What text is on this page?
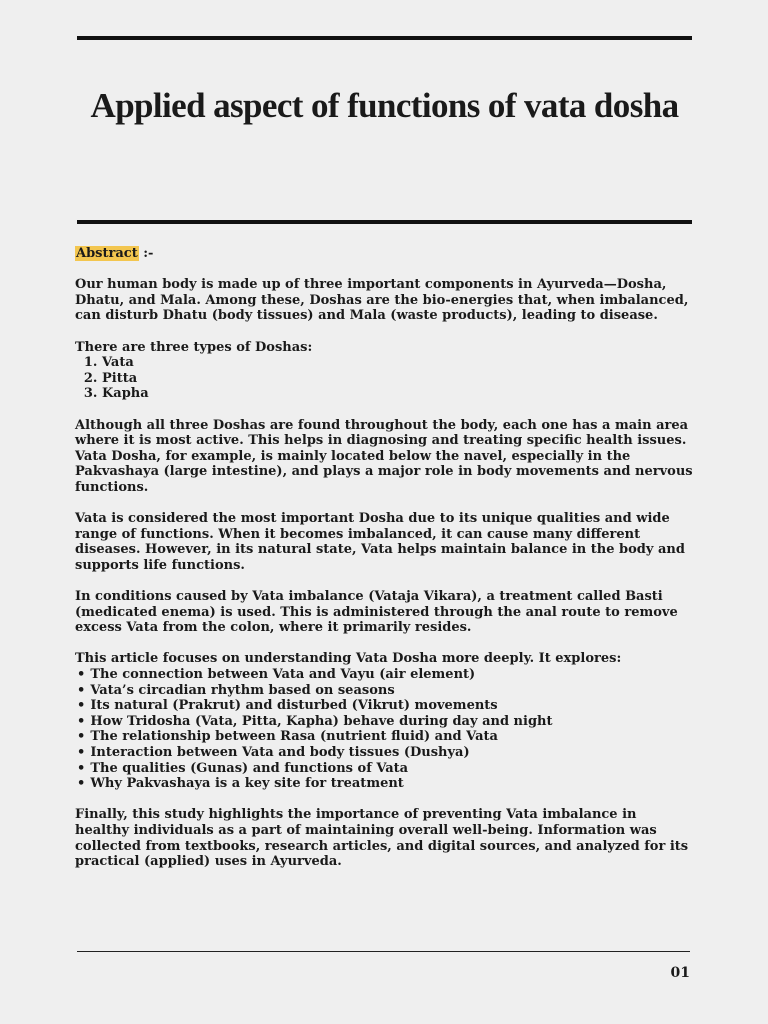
Applied aspect of functions of vata dosha

Abstract :-

Our human body is made up of three important components in Ayurveda—Dosha, Dhatu, and Mala. Among these, Doshas are the bio-energies that, when imbalanced, can disturb Dhatu (body tissues) and Mala (waste products), leading to disease.

There are three types of Doshas:
1. Vata
2. Pitta
3. Kapha

Although all three Doshas are found throughout the body, each one has a main area where it is most active. This helps in diagnosing and treating specific health issues. Vata Dosha, for example, is mainly located below the navel, especially in the Pakvashaya (large intestine), and plays a major role in body movements and nervous functions.

Vata is considered the most important Dosha due to its unique qualities and wide range of functions. When it becomes imbalanced, it can cause many different diseases. However, in its natural state, Vata helps maintain balance in the body and supports life functions.

In conditions caused by Vata imbalance (Vataja Vikara), a treatment called Basti (medicated enema) is used. This is administered through the anal route to remove excess Vata from the colon, where it primarily resides.

This article focuses on understanding Vata Dosha more deeply. It explores:
• The connection between Vata and Vayu (air element)
• Vata’s circadian rhythm based on seasons
• Its natural (Prakrut) and disturbed (Vikrut) movements
• How Tridosha (Vata, Pitta, Kapha) behave during day and night
• The relationship between Rasa (nutrient fluid) and Vata
• Interaction between Vata and body tissues (Dushya)
• The qualities (Gunas) and functions of Vata
• Why Pakvashaya is a key site for treatment

Finally, this study highlights the importance of preventing Vata imbalance in healthy individuals as a part of maintaining overall well-being. Information was collected from textbooks, research articles, and digital sources, and analyzed for its practical (applied) uses in Ayurveda.

01
